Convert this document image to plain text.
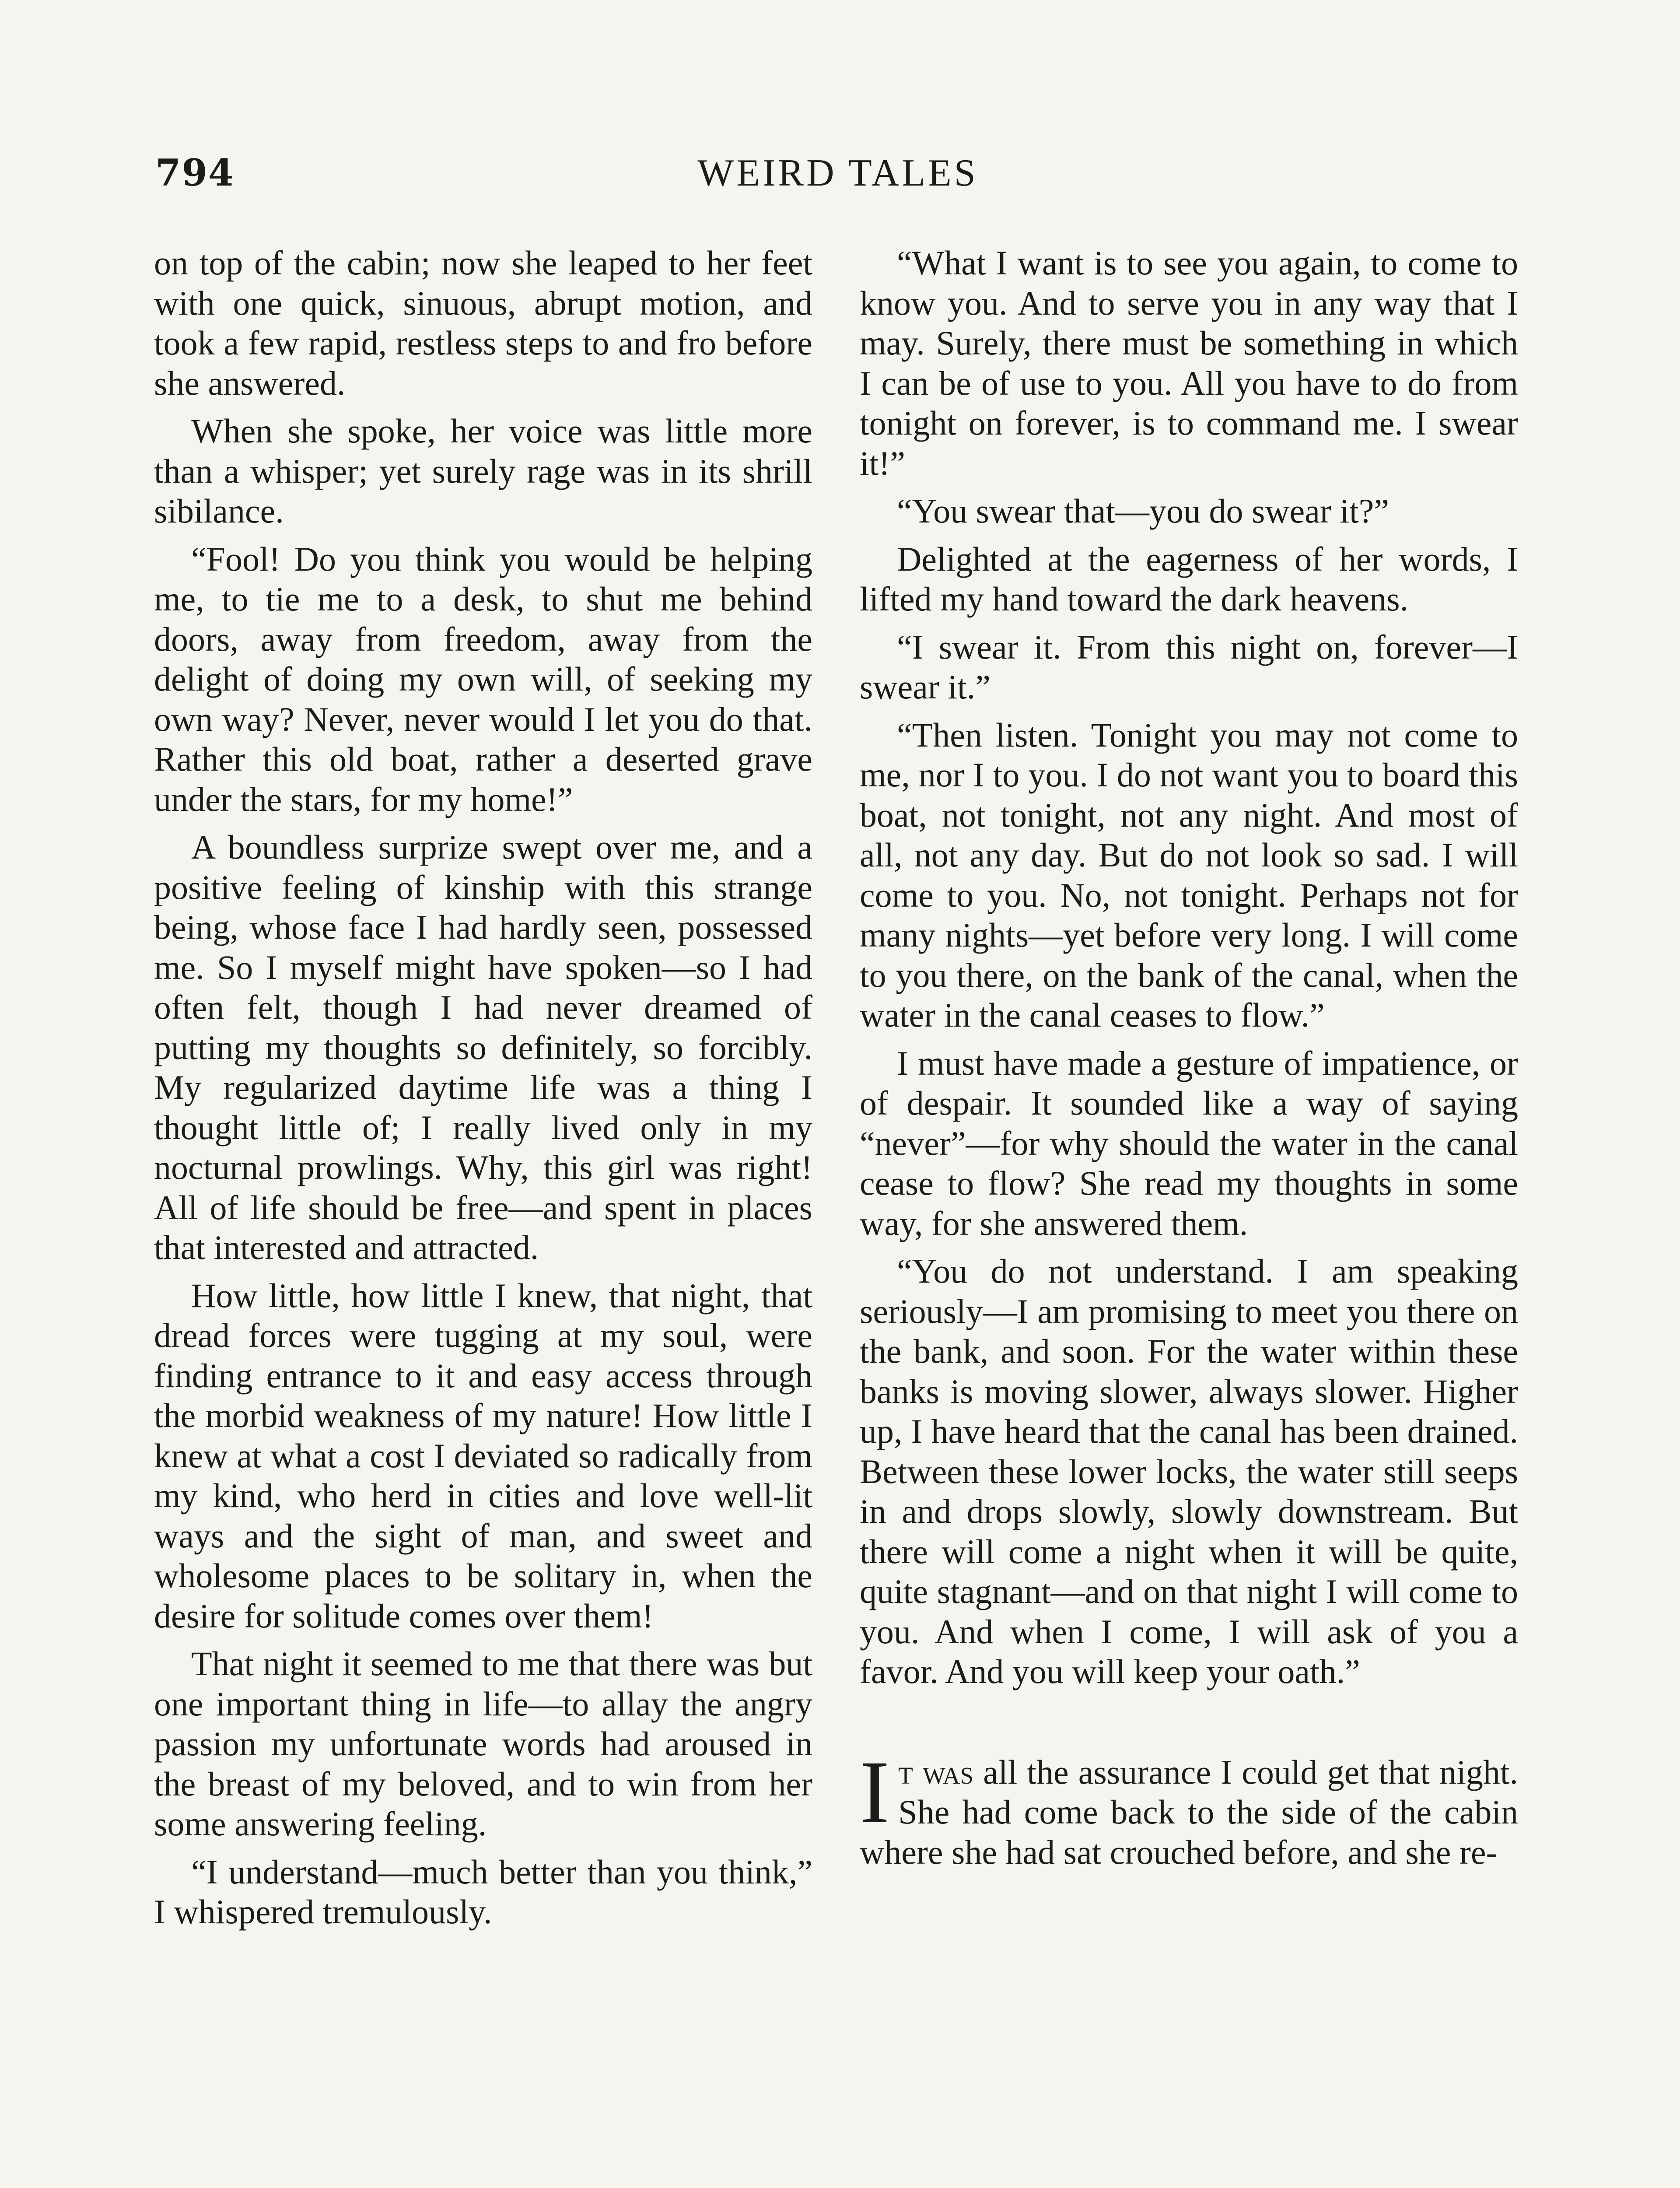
794	WEIRD TALES

on top of the cabin; now she leaped to her feet with one quick, sinuous, abrupt motion, and took a few rapid, restless steps to and fro before she answered.

When she spoke, her voice was little more than a whisper; yet surely rage was in its shrill sibilance.

“Fool! Do you think you would be helping me, to tie me to a desk, to shut me behind doors, away from freedom, away from the delight of doing my own will, of seeking my own way? Never, never would I let you do that. Rather this old boat, rather a deserted grave under the stars, for my home!”

A boundless surprize swept over me, and a positive feeling of kinship with this strange being, whose face I had hardly seen, possessed me. So I myself might have spoken—so I had often felt, though I had never dreamed of putting my thoughts so definitely, so forcibly. My regularized daytime life was a thing I thought little of; I really lived only in my nocturnal prowlings. Why, this girl was right! All of life should be free—and spent in places that interested and attracted.

How little, how little I knew, that night, that dread forces were tugging at my soul, were finding entrance to it and easy access through the morbid weakness of my nature! How little I knew at what a cost I deviated so radically from my kind, who herd in cities and love well-lit ways and the sight of man, and sweet and wholesome places to be solitary in, when the desire for solitude comes over them!

That night it seemed to me that there was but one important thing in life—to allay the angry passion my unfortunate words had aroused in the breast of my beloved, and to win from her some answering feeling.

“I understand—much better than you think,” I whispered tremulously.

“What I want is to see you again, to come to know you. And to serve you in any way that I may. Surely, there must be something in which I can be of use to you. All you have to do from tonight on forever, is to command me. I swear it!”

“You swear that—you do swear it?”

Delighted at the eagerness of her words, I lifted my hand toward the dark heavens.

“I swear it. From this night on, forever—I swear it.”

“Then listen. Tonight you may not come to me, nor I to you. I do not want you to board this boat, not tonight, not any night. And most of all, not any day. But do not look so sad. I will come to you. No, not tonight. Perhaps not for many nights—yet before very long. I will come to you there, on the bank of the canal, when the water in the canal ceases to flow.”

I must have made a gesture of impatience, or of despair. It sounded like a way of saying “never”—for why should the water in the canal cease to flow? She read my thoughts in some way, for she answered them.

“You do not understand. I am speaking seriously—I am promising to meet you there on the bank, and soon. For the water within these banks is moving slower, always slower. Higher up, I have heard that the canal has been drained. Between these lower locks, the water still seeps in and drops slowly, slowly downstream. But there will come a night when it will be quite, quite stagnant—and on that night I will come to you. And when I come, I will ask of you a favor. And you will keep your oath.”

It was all the assurance I could get that night. She had come back to the side of the cabin where she had sat crouched before, and she re-
